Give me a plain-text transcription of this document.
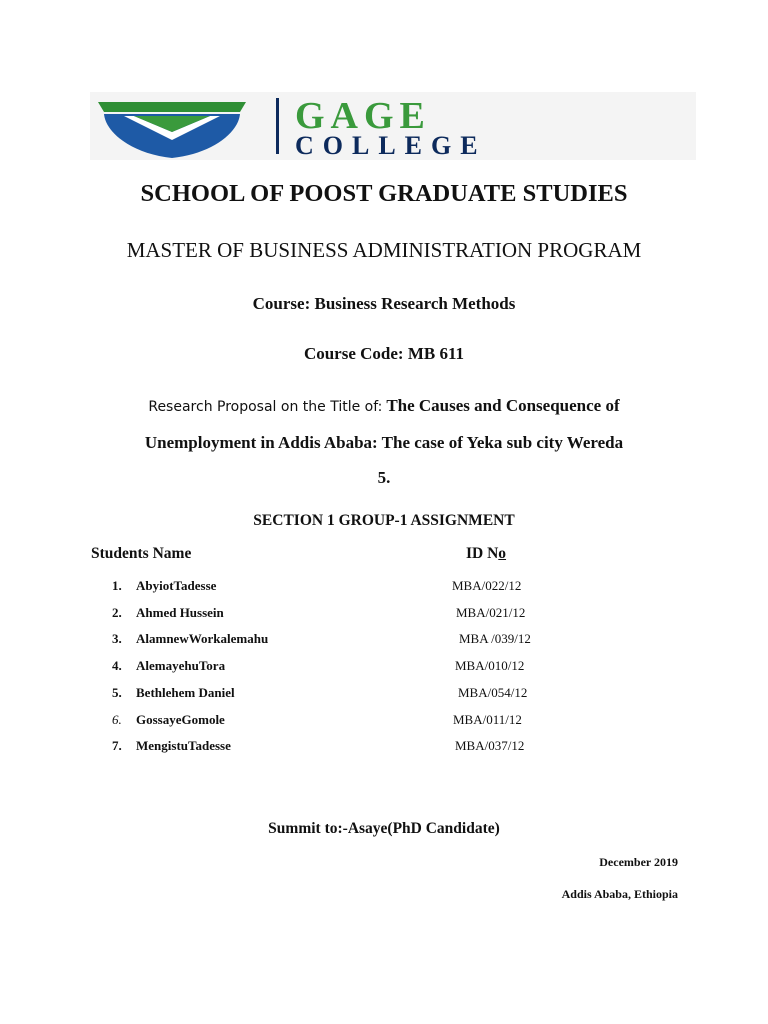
GAGE
COLLEGE
SCHOOL OF POOST GRADUATE STUDIES
MASTER OF BUSINESS ADMINISTRATION PROGRAM
Course: Business Research Methods
Course Code: MB 611
Research Proposal on the Title of: The Causes and Consequence of
Unemployment in Addis Ababa: The case of Yeka sub city Wereda
5.
SECTION 1 GROUP-1 ASSIGNMENT
Students Name	ID No
1.	AbyiotTadesse	MBA/022/12
2.	Ahmed Hussein	MBA/021/12
3.	AlamnewWorkalemahu	MBA /039/12
4.	AlemayehuTora	MBA/010/12
5.	Bethlehem Daniel	MBA/054/12
6.	GossayeGomole	MBA/011/12
7.	MengistuTadesse	MBA/037/12
Summit to:-Asaye(PhD Candidate)
December 2019
Addis Ababa, Ethiopia
